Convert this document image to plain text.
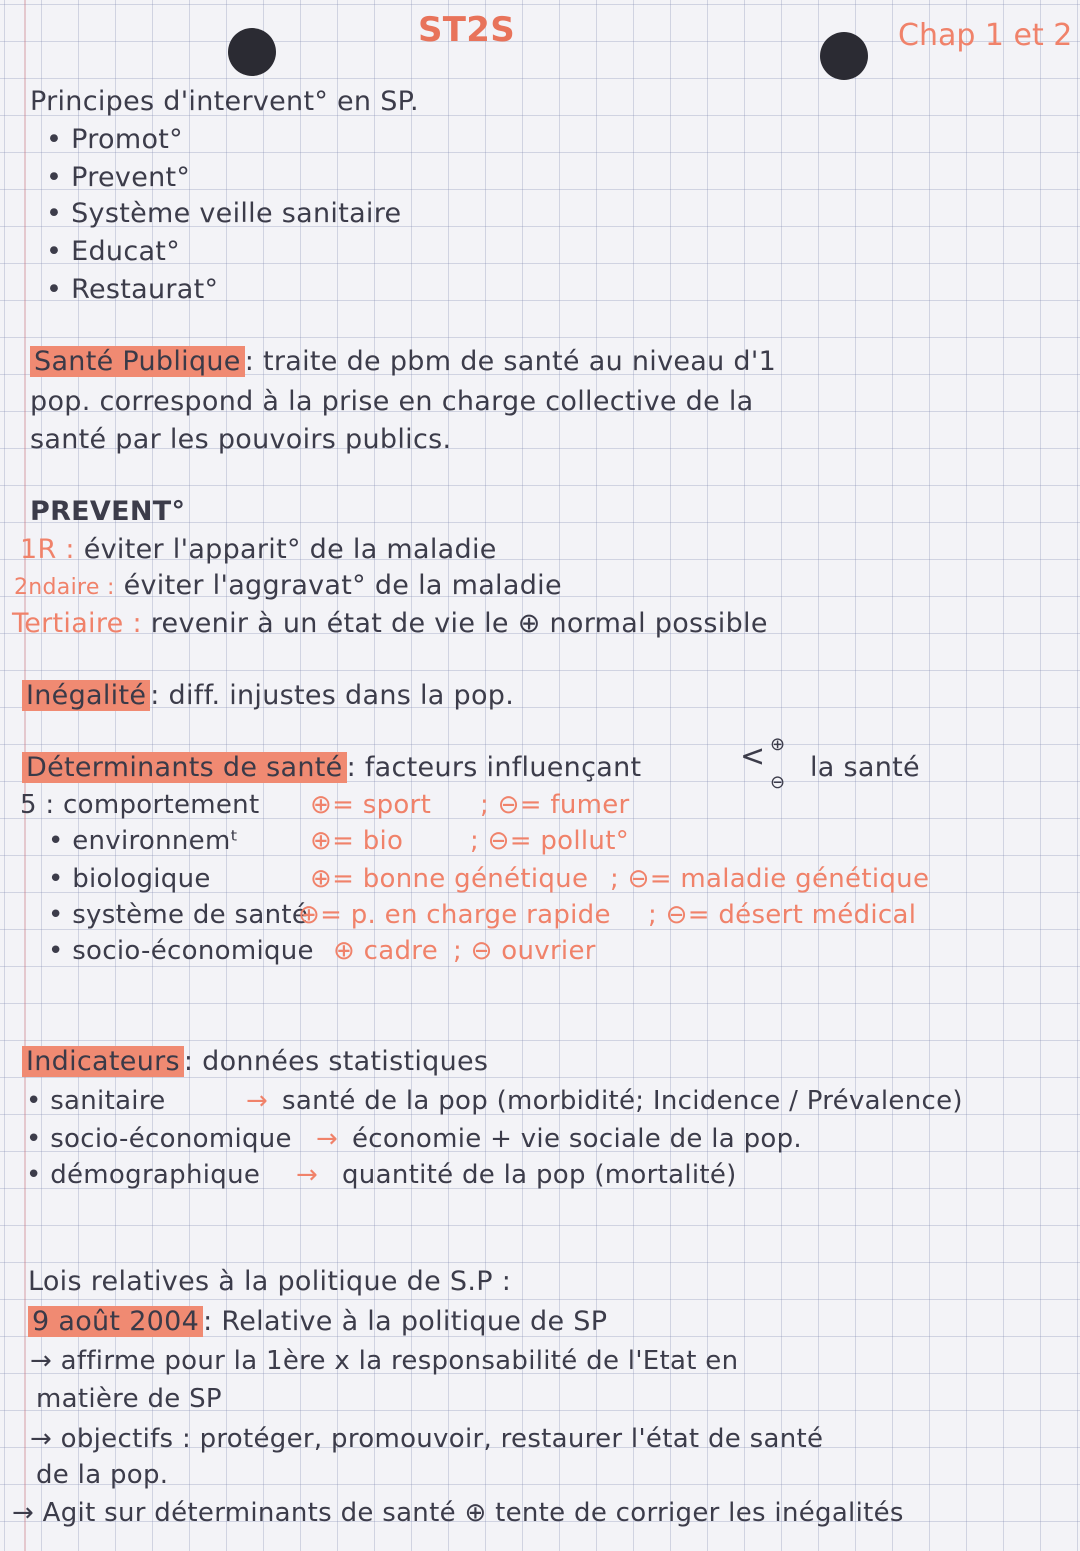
ST2S	Chap 1 et 2
Principes d'intervent° en SP.
• Promot°
• Prevent°
• Système veille sanitaire
• Educat°
• Restaurat°
Santé Publique : traite de pbm de santé au niveau d'1
pop. correspond à la prise en charge collective de la
santé par les pouvoirs publics.
PREVENT°
1R : éviter l'apparit° de la maladie
2ndaire : éviter l'aggravat° de la maladie
Tertiaire : revenir à un état de vie le ⊕ normal possible
Inégalité : diff. injustes dans la pop.
Déterminants de santé : facteurs influençant
⊕
<
⊖ la santé
5 : comportement ⊕= sport ; ⊖= fumer
• environnemᵗ	⊕= bio	; ⊖= pollut°
• biologique	⊕= bonne génétique ; ⊖= maladie génétique
• système de santé⊕= p. en charge rapide ; ⊖= désert médical
• socio-économique ⊕ cadre ; ⊖ ouvrier
Indicateurs : données statistiques
• sanitaire	→ santé de la pop (morbidité; Incidence / Prévalence)
• socio-économique → économie + vie sociale de la pop.
• démographique → quantité de la pop (mortalité)
Lois relatives à la politique de S.P :
9 août 2004 : Relative à la politique de SP
→ affirme pour la 1ère x la responsabilité de l'Etat en
matière de SP
→ objectifs : protéger, promouvoir, restaurer l'état de santé
de la pop.
→ Agit sur déterminants de santé ⊕ tente de corriger les inégalités
